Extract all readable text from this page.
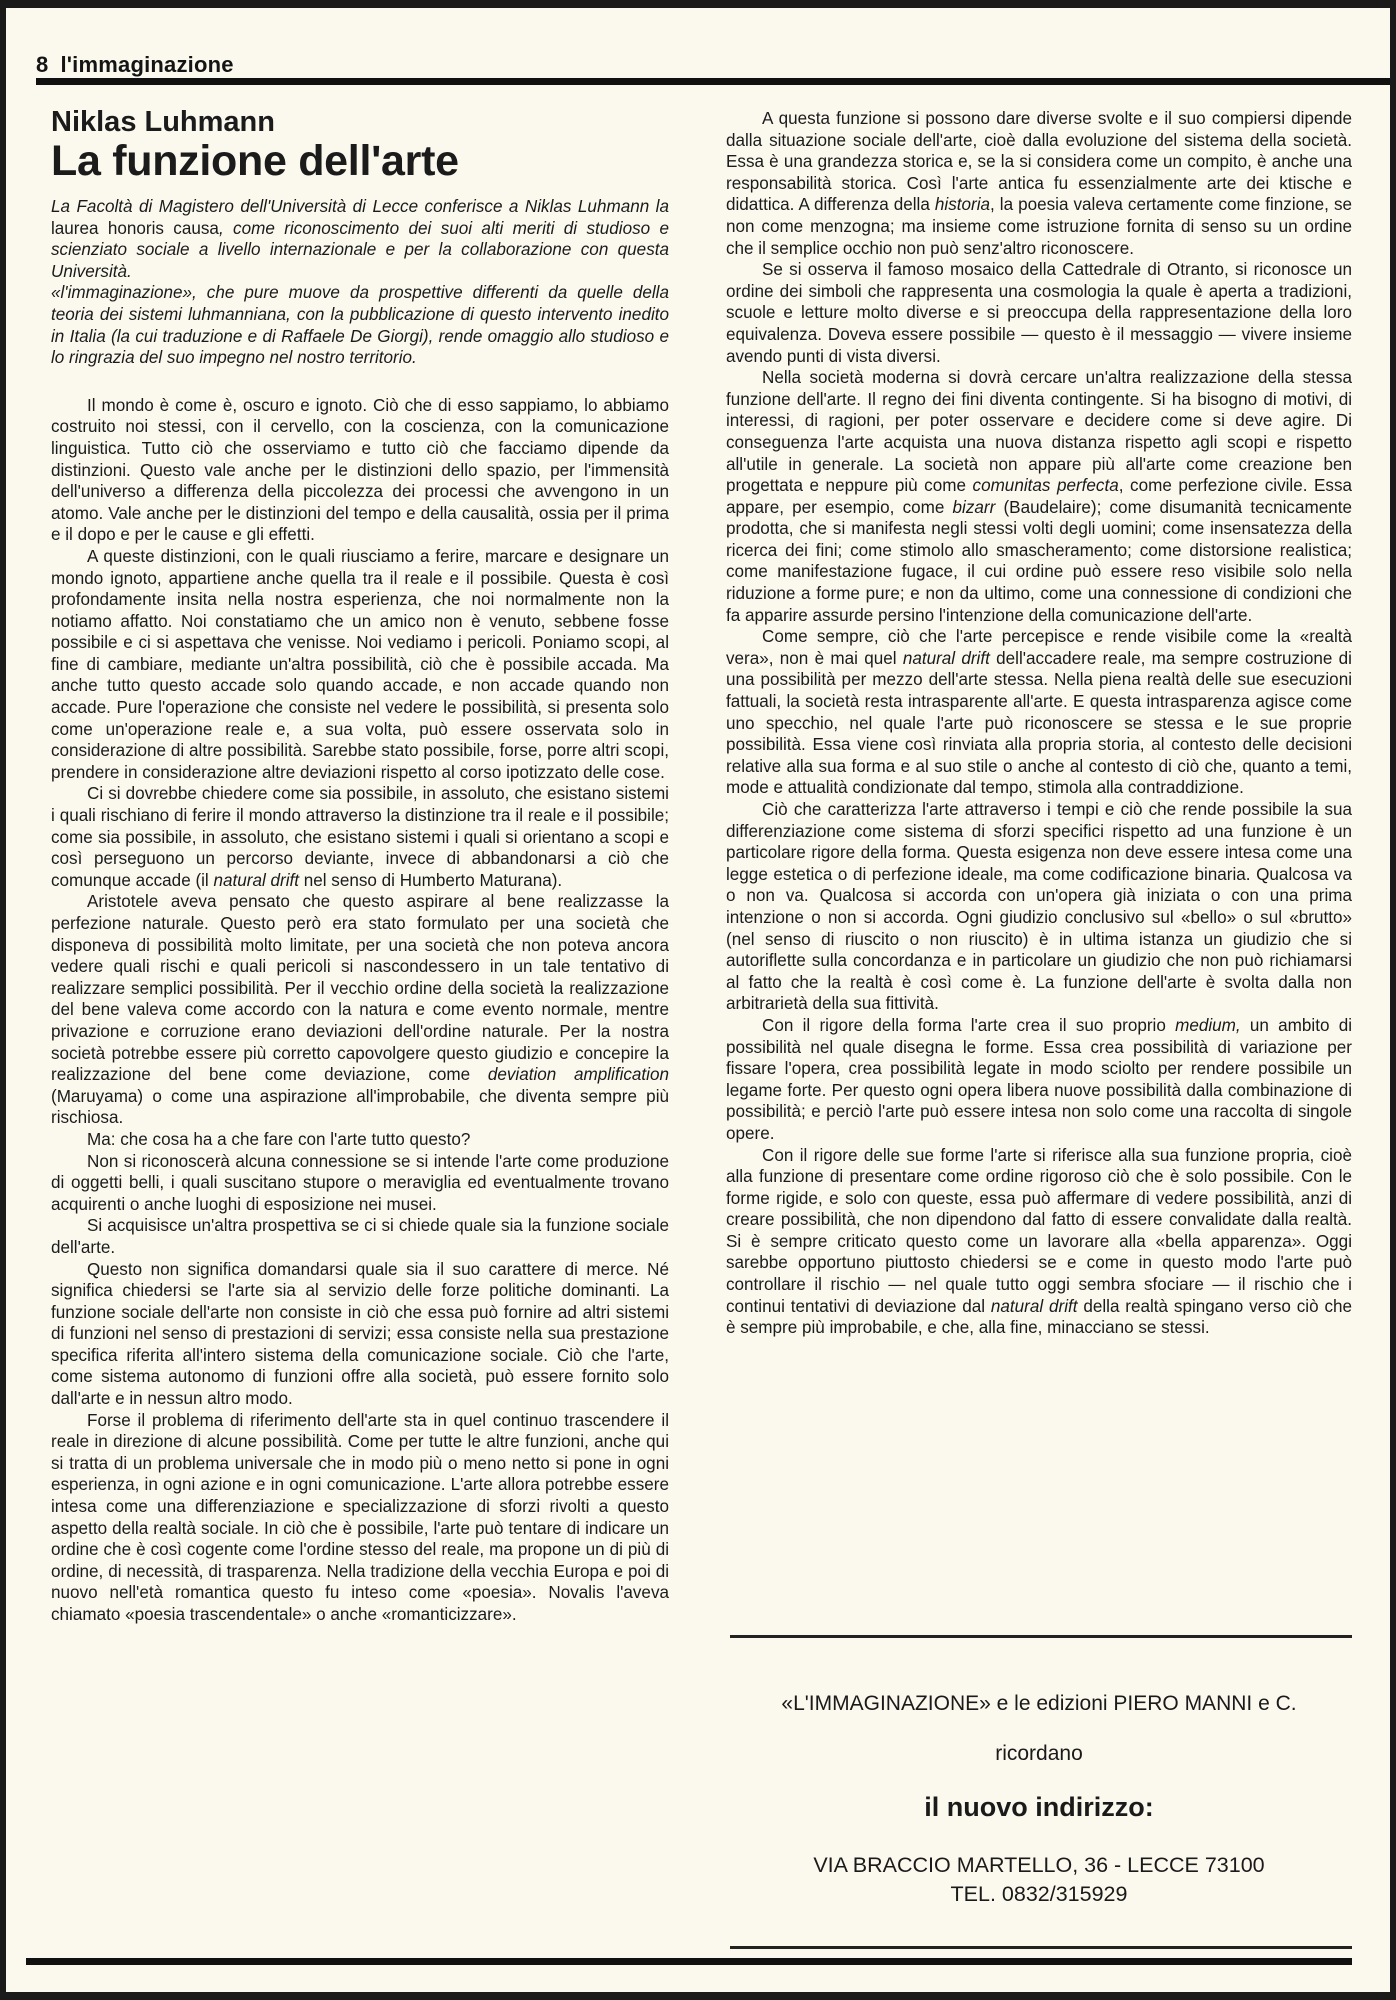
8 l'immaginazione
Niklas Luhmann
La funzione dell'arte

La Facoltà di Magistero dell'Università di Lecce conferisce a Niklas Luhmann la laurea honoris causa, come riconoscimento dei suoi alti meriti di studioso e scienziato sociale a livello internazionale e per la collaborazione con questa Università.

«l'immaginazione», che pure muove da prospettive differenti da quelle della teoria dei sistemi luhmanniana, con la pubblicazione di questo intervento inedito in Italia (la cui traduzione e di Raffaele De Giorgi), rende omaggio allo studioso e lo ringrazia del suo impegno nel nostro territorio.

Il mondo è come è, oscuro e ignoto. Ciò che di esso sappiamo, lo abbiamo costruito noi stessi, con il cervello, con la coscienza, con la comunicazione linguistica. Tutto ciò che osserviamo e tutto ciò che facciamo dipende da distinzioni. Questo vale anche per le distinzioni dello spazio, per l'immensità dell'universo a differenza della piccolezza dei processi che avvengono in un atomo. Vale anche per le distinzioni del tempo e della causalità, ossia per il prima e il dopo e per le cause e gli effetti.

A queste distinzioni, con le quali riusciamo a ferire, marcare e designare un mondo ignoto, appartiene anche quella tra il reale e il possibile. Questa è così profondamente insita nella nostra esperienza, che noi normalmente non la notiamo affatto. Noi constatiamo che un amico non è venuto, sebbene fosse possibile e ci si aspettava che venisse. Noi vediamo i pericoli. Poniamo scopi, al fine di cambiare, mediante un'altra possibilità, ciò che è possibile accada. Ma anche tutto questo accade solo quando accade, e non accade quando non accade. Pure l'operazione che consiste nel vedere le possibilità, si presenta solo come un'operazione reale e, a sua volta, può essere osservata solo in considerazione di altre possibilità. Sarebbe stato possibile, forse, porre altri scopi, prendere in considerazione altre deviazioni rispetto al corso ipotizzato delle cose.

Ci si dovrebbe chiedere come sia possibile, in assoluto, che esistano sistemi i quali rischiano di ferire il mondo attraverso la distinzione tra il reale e il possibile; come sia possibile, in assoluto, che esistano sistemi i quali si orientano a scopi e così perseguono un percorso deviante, invece di abbandonarsi a ciò che comunque accade (il natural drift nel senso di Humberto Maturana).

Aristotele aveva pensato che questo aspirare al bene realizzasse la perfezione naturale. Questo però era stato formulato per una società che disponeva di possibilità molto limitate, per una società che non poteva ancora vedere quali rischi e quali pericoli si nascondessero in un tale tentativo di realizzare semplici possibilità. Per il vecchio ordine della società la realizzazione del bene valeva come accordo con la natura e come evento normale, mentre privazione e corruzione erano deviazioni dell'ordine naturale. Per la nostra società potrebbe essere più corretto capovolgere questo giudizio e concepire la realizzazione del bene come deviazione, come deviation amplification (Maruyama) o come una aspirazione all'improbabile, che diventa sempre più rischiosa.

Ma: che cosa ha a che fare con l'arte tutto questo?

Non si riconoscerà alcuna connessione se si intende l'arte come produzione di oggetti belli, i quali suscitano stupore o meraviglia ed eventualmente trovano acquirenti o anche luoghi di esposizione nei musei.

Si acquisisce un'altra prospettiva se ci si chiede quale sia la funzione sociale dell'arte.

Questo non significa domandarsi quale sia il suo carattere di merce. Né significa chiedersi se l'arte sia al servizio delle forze politiche dominanti. La funzione sociale dell'arte non consiste in ciò che essa può fornire ad altri sistemi di funzioni nel senso di prestazioni di servizi; essa consiste nella sua prestazione specifica riferita all'intero sistema della comunicazione sociale. Ciò che l'arte, come sistema autonomo di funzioni offre alla società, può essere fornito solo dall'arte e in nessun altro modo.

Forse il problema di riferimento dell'arte sta in quel continuo trascendere il reale in direzione di alcune possibilità. Come per tutte le altre funzioni, anche qui si tratta di un problema universale che in modo più o meno netto si pone in ogni esperienza, in ogni azione e in ogni comunicazione. L'arte allora potrebbe essere intesa come una differenziazione e specializzazione di sforzi rivolti a questo aspetto della realtà sociale. In ciò che è possibile, l'arte può tentare di indicare un ordine che è così cogente come l'ordine stesso del reale, ma propone un di più di ordine, di necessità, di trasparenza. Nella tradizione della vecchia Europa e poi di nuovo nell'età romantica questo fu inteso come «poesia». Novalis l'aveva chiamato «poesia trascendentale» o anche «romanticizzare».

A questa funzione si possono dare diverse svolte e il suo compiersi dipende dalla situazione sociale dell'arte, cioè dalla evoluzione del sistema della società. Essa è una grandezza storica e, se la si considera come un compito, è anche una responsabilità storica. Così l'arte antica fu essenzialmente arte dei ktische e didattica. A differenza della historia, la poesia valeva certamente come finzione, se non come menzogna; ma insieme come istruzione fornita di senso su un ordine che il semplice occhio non può senz'altro riconoscere.

Se si osserva il famoso mosaico della Cattedrale di Otranto, si riconosce un ordine dei simboli che rappresenta una cosmologia la quale è aperta a tradizioni, scuole e letture molto diverse e si preoccupa della rappresentazione della loro equivalenza. Doveva essere possibile — questo è il messaggio — vivere insieme avendo punti di vista diversi.

Nella società moderna si dovrà cercare un'altra realizzazione della stessa funzione dell'arte. Il regno dei fini diventa contingente. Si ha bisogno di motivi, di interessi, di ragioni, per poter osservare e decidere come si deve agire. Di conseguenza l'arte acquista una nuova distanza rispetto agli scopi e rispetto all'utile in generale. La società non appare più all'arte come creazione ben progettata e neppure più come comunitas perfecta, come perfezione civile. Essa appare, per esempio, come bizarr (Baudelaire); come disumanità tecnicamente prodotta, che si manifesta negli stessi volti degli uomini; come insensatezza della ricerca dei fini; come stimolo allo smascheramento; come distorsione realistica; come manifestazione fugace, il cui ordine può essere reso visibile solo nella riduzione a forme pure; e non da ultimo, come una connessione di condizioni che fa apparire assurde persino l'intenzione della comunicazione dell'arte.

Come sempre, ciò che l'arte percepisce e rende visibile come la «realtà vera», non è mai quel natural drift dell'accadere reale, ma sempre costruzione di una possibilità per mezzo dell'arte stessa. Nella piena realtà delle sue esecuzioni fattuali, la società resta intrasparente all'arte. E questa intrasparenza agisce come uno specchio, nel quale l'arte può riconoscere se stessa e le sue proprie possibilità. Essa viene così rinviata alla propria storia, al contesto delle decisioni relative alla sua forma e al suo stile o anche al contesto di ciò che, quanto a temi, mode e attualità condizionate dal tempo, stimola alla contraddizione.

Ciò che caratterizza l'arte attraverso i tempi e ciò che rende possibile la sua differenziazione come sistema di sforzi specifici rispetto ad una funzione è un particolare rigore della forma. Questa esigenza non deve essere intesa come una legge estetica o di perfezione ideale, ma come codificazione binaria. Qualcosa va o non va. Qualcosa si accorda con un'opera già iniziata o con una prima intenzione o non si accorda. Ogni giudizio conclusivo sul «bello» o sul «brutto» (nel senso di riuscito o non riuscito) è in ultima istanza un giudizio che si autoriflette sulla concordanza e in particolare un giudizio che non può richiamarsi al fatto che la realtà è così come è. La funzione dell'arte è svolta dalla non arbitrarietà della sua fittività.

Con il rigore della forma l'arte crea il suo proprio medium, un ambito di possibilità nel quale disegna le forme. Essa crea possibilità di variazione per fissare l'opera, crea possibilità legate in modo sciolto per rendere possibile un legame forte. Per questo ogni opera libera nuove possibilità dalla combinazione di possibilità; e perciò l'arte può essere intesa non solo come una raccolta di singole opere.

Con il rigore delle sue forme l'arte si riferisce alla sua funzione propria, cioè alla funzione di presentare come ordine rigoroso ciò che è solo possibile. Con le forme rigide, e solo con queste, essa può affermare di vedere possibilità, anzi di creare possibilità, che non dipendono dal fatto di essere convalidate dalla realtà. Si è sempre criticato questo come un lavorare alla «bella apparenza». Oggi sarebbe opportuno piuttosto chiedersi se e come in questo modo l'arte può controllare il rischio — nel quale tutto oggi sembra sfociare — il rischio che i continui tentativi di deviazione dal natural drift della realtà spingano verso ciò che è sempre più improbabile, e che, alla fine, minacciano se stessi.

«L'IMMAGINAZIONE» e le edizioni PIERO MANNI e C.
ricordano
il nuovo indirizzo:
VIA BRACCIO MARTELLO, 36 - LECCE 73100
TEL. 0832/315929
